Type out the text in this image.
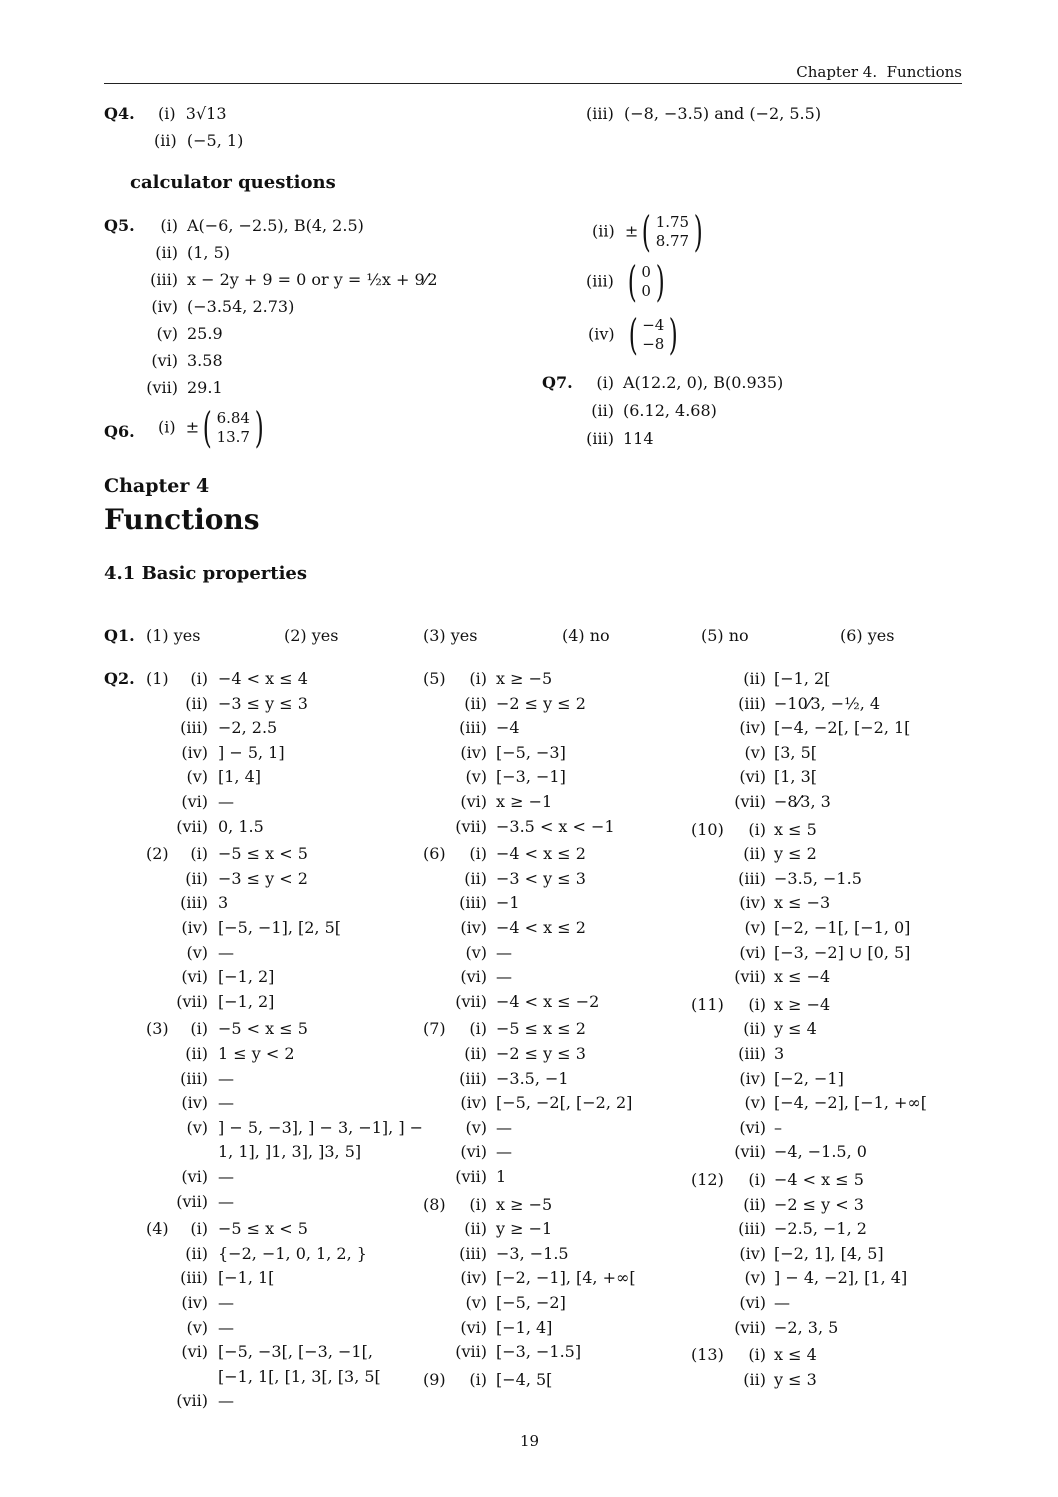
Chapter 4. Functions
Q4. (i)  3√13
(ii)  (−5, 1)
(iii)  (−8, −3.5) and (−2, 5.5)
calculator questions
Q5.	(i) A(−6, −2.5), B(4, 2.5)
(ii) (1, 5)
(iii) x − 2y + 9 = 0 or y = ½x + 9⁄2
(iv) (−3.54, 2.73)
(v) 25.9
(vi) 3.58
(vii) 29.1
Q6. (i)  ± ( 6.84
13.7 )
(ii)  ± ( 1.75
8.77 )
(iii) ( 0
0 )
(iv) ( −4
−8 )
Q7.	(i) A(12.2, 0), B(0.935)
(ii) (6.12, 4.68)
(iii) 114
Chapter 4
Functions
4.1 Basic properties
Q1. (1) yes	(2) yes	(3) yes	(4) no	(5) no	(6) yes
Q2. (1)	(i) −4 < x ≤ 4
(ii) −3 ≤ y ≤ 3
(iii) −2, 2.5
(iv) ] − 5, 1]
(v) [1, 4]
(vi) —
(vii) 0, 1.5
(2)	(i) −5 ≤ x < 5
(ii) −3 ≤ y < 2
(iii) 3
(iv) [−5, −1], [2, 5[
(v) —
(vi) [−1, 2]
(vii) [−1, 2]
(3)	(i) −5 < x ≤ 5
(ii) 1 ≤ y < 2
(iii) —
(iv) —
(v) ] − 5, −3], ] − 3, −1], ] −
1, 1], ]1, 3], ]3, 5]
(vi) —
(vii) —
(4)	(i) −5 ≤ x < 5
(ii) {−2, −1, 0, 1, 2, }
(iii) [−1, 1[
(iv) —
(v) —
(vi) [−5, −3[, [−3, −1[,
[−1, 1[, [1, 3[, [3, 5[
(vii) —
(5)	(i) x ≥ −5
(ii) −2 ≤ y ≤ 2
(iii) −4
(iv) [−5, −3]
(v) [−3, −1]
(vi) x ≥ −1
(vii) −3.5 < x < −1
(6)	(i) −4 < x ≤ 2
(ii) −3 < y ≤ 3
(iii) −1
(iv) −4 < x ≤ 2
(v) —
(vi) —
(vii) −4 < x ≤ −2
(7)	(i) −5 ≤ x ≤ 2
(ii) −2 ≤ y ≤ 3
(iii) −3.5, −1
(iv) [−5, −2[, [−2, 2]
(v) —
(vi) —
(vii) 1
(8)	(i) x ≥ −5
(ii) y ≥ −1
(iii) −3, −1.5
(iv) [−2, −1], [4, +∞[
(v) [−5, −2]
(vi) [−1, 4]
(vii) [−3, −1.5]
(9)	(i) [−4, 5[
(ii) [−1, 2[
(iii) −10⁄3, −½, 4
(iv) [−4, −2[, [−2, 1[
(v) [3, 5[
(vi) [1, 3[
(vii) −8⁄3, 3
(10)	(i) x ≤ 5
(ii) y ≤ 2
(iii) −3.5, −1.5
(iv) x ≤ −3
(v) [−2, −1[, [−1, 0]
(vi) [−3, −2] ∪ [0, 5]
(vii) x ≤ −4
(11)	(i) x ≥ −4
(ii) y ≤ 4
(iii) 3
(iv) [−2, −1]
(v) [−4, −2], [−1, +∞[
(vi) –
(vii) −4, −1.5, 0
(12)	(i) −4 < x ≤ 5
(ii) −2 ≤ y < 3
(iii) −2.5, −1, 2
(iv) [−2, 1], [4, 5]
(v) ] − 4, −2], [1, 4]
(vi) —
(vii) −2, 3, 5
(13)	(i) x ≤ 4
(ii) y ≤ 3
19
